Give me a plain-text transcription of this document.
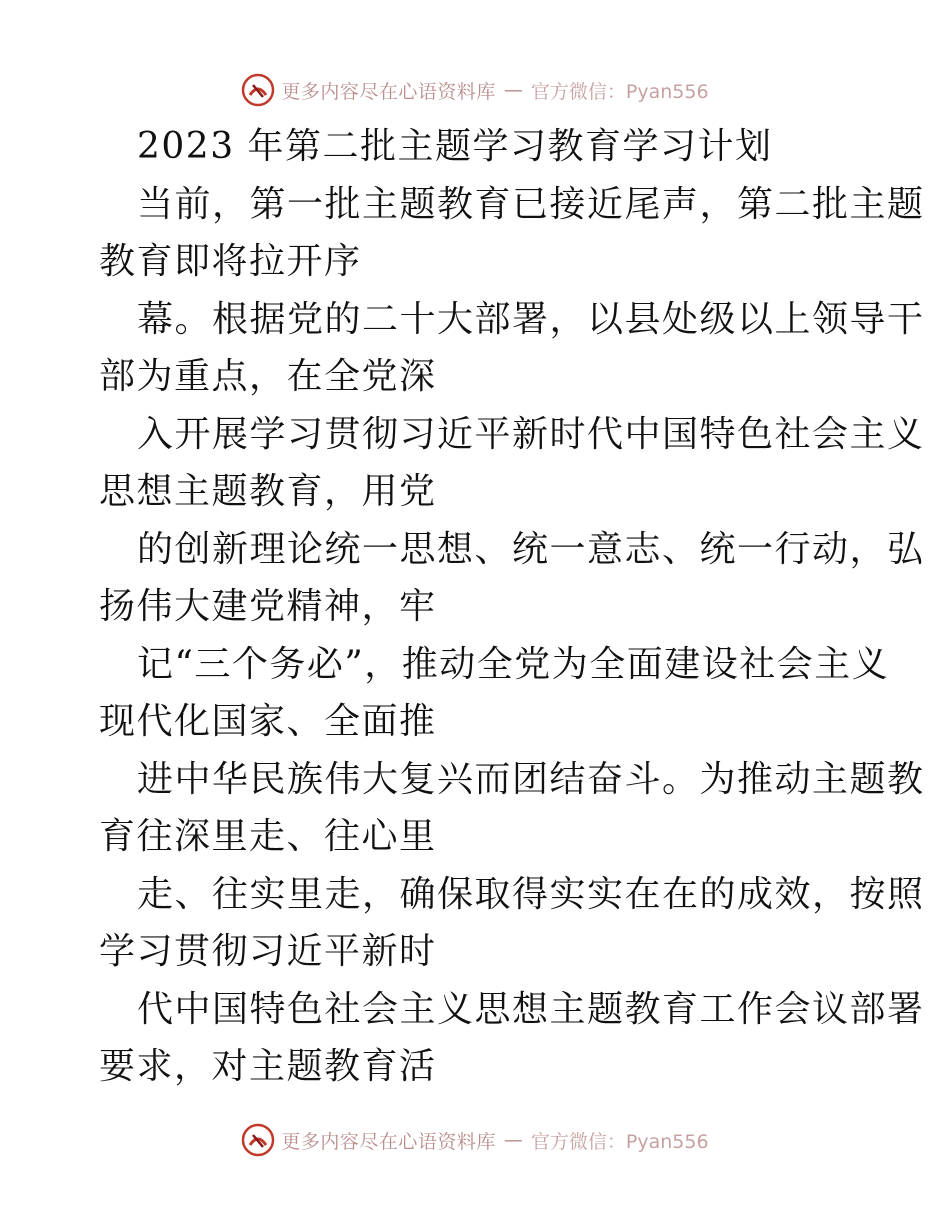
更多内容尽在心语资料库 — 官方微信：Pyan556
2023 年第二批主题学习教育学习计划
当前，第一批主题教育已接近尾声，第二批主题
教育即将拉开序
幕。根据党的二十大部署，以县处级以上领导干
部为重点，在全党深
入开展学习贯彻习近平新时代中国特色社会主义
思想主题教育，用党
的创新理论统一思想、统一意志、统一行动，弘
扬伟大建党精神，牢
记“三个务必”，推动全党为全面建设社会主义
现代化国家、全面推
进中华民族伟大复兴而团结奋斗。为推动主题教
育往深里走、往心里
走、往实里走，确保取得实实在在的成效，按照
学习贯彻习近平新时
代中国特色社会主义思想主题教育工作会议部署
要求，对主题教育活
更多内容尽在心语资料库 — 官方微信：Pyan556
